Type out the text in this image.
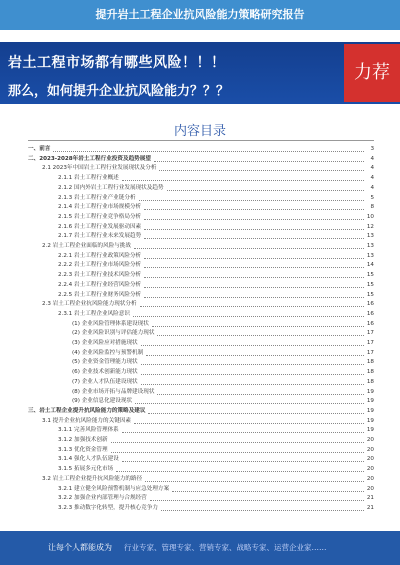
提升岩土工程企业抗风险能力策略研究报告
岩土工程市场都有哪些风险！！！
那么，如何提升企业抗风险能力？？？
力荐
内容目录
一、前言	3
二、2023-2028年岩土工程行业投资及趋势展望	4
2.1 2023年中国岩土工程行业发展现状及分析	4
2.1.1 岩土工程行业概述	4
2.1.2 国内外岩土工程行业发展现状及趋势	4
2.1.3 岩土工程行业产业链分析	5
2.1.4 岩土工程行业市场规模分析	8
2.1.5 岩土工程行业竞争格局分析	10
2.1.6 岩土工程行业发展驱动因素	12
2.1.7 岩土工程行业未来发展趋势	13
2.2 岩土工程企业面临的风险与挑战	13
2.2.1 岩土工程行业政策风险分析	13
2.2.2 岩土工程行业市场风险分析	14
2.2.3 岩土工程行业技术风险分析	15
2.2.4 岩土工程行业经营风险分析	15
2.2.5 岩土工程行业财务风险分析	15
2.3 岩土工程企业抗风险能力现状分析	16
2.3.1 岩土工程企业风险意识	16
(1) 企业风险管理体系建设现状	16
(2) 企业风险识别与评估能力现状	17
(3) 企业风险应对措施现状	17
(4) 企业风险监控与预警机制	17
(5) 企业资金管理能力现状	18
(6) 企业技术创新能力现状	18
(7) 企业人才队伍建设现状	18
(8) 企业市场开拓与品牌建设现状	19
(9) 企业信息化建设现状	19
三、岩土工程企业提升抗风险能力的策略及建议	19
3.1 提升企业抗风险能力的关键因素	19
3.1.1 完善风险管理体系	19
3.1.2 加强技术创新	20
3.1.3 优化资金管理	20
3.1.4 强化人才队伍建设	20
3.1.5 拓展多元化市场	20
3.2 岩土工程企业提升抗风险能力的路径	20
3.2.1 建立健全风险预警机制与应急处理方案	20
3.2.2 加强企业内部管理与合规经营	21
3.2.3 推动数字化转型，提升核心竞争力	21
让每个人都能成为 行业专家、管理专家、营销专家、战略专家、运营企业家……
